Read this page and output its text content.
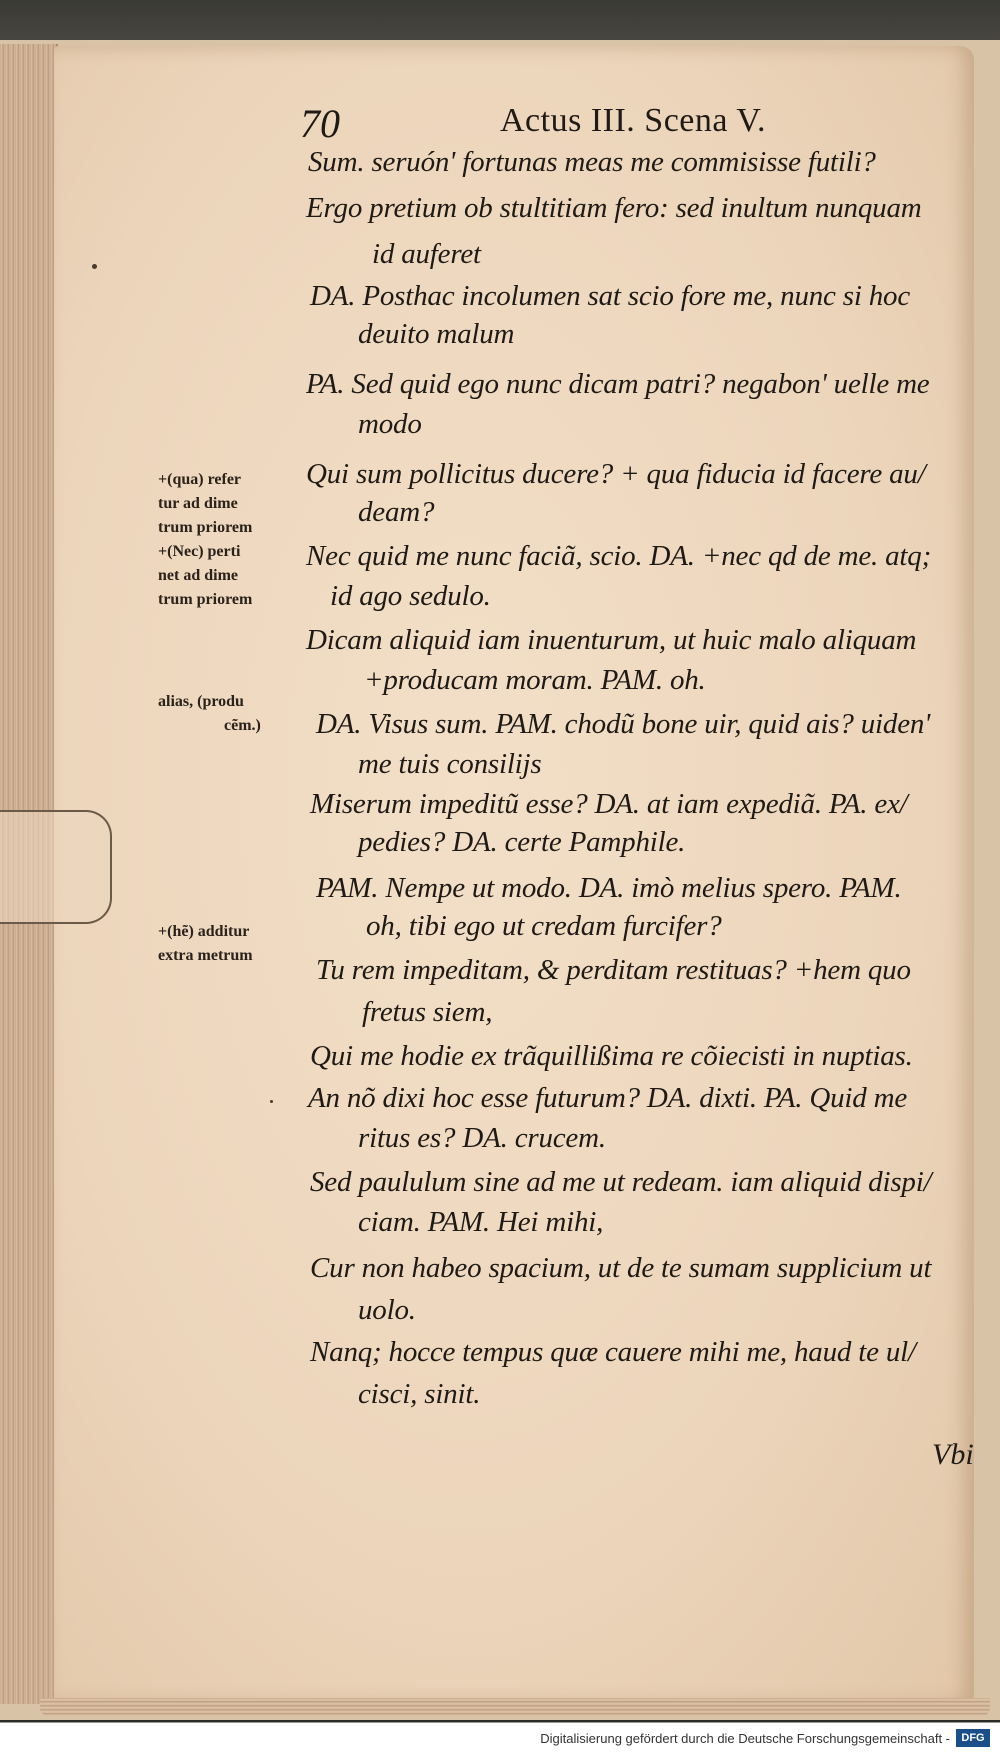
70	Actus III. Scena V.
Sum. seruón' fortunas meas me commisisse futili?
Ergo pretium ob stultitiam fero: sed inultum nunquam
id auferet
DA. Posthac incolumen sat scio fore me, nunc si hoc
deuito malum
PA. Sed quid ego nunc dicam patri? negabon' uelle me
modo
Qui sum pollicitus ducere? + qua fiducia id facere au/
deam?
Nec quid me nunc faciã, scio. DA. +nec qd de me. atq;
id ago sedulo.
Dicam aliquid iam inuenturum, ut huic malo aliquam
+producam moram. PAM. oh.
DA. Visus sum. PAM. chodũ bone uir, quid ais? uiden'
me tuis consilijs
Miserum impeditũ esse? DA. at iam expediã. PA. ex/
pedies? DA. certe Pamphile.
PAM. Nempe ut modo. DA. imò melius spero. PAM.
oh, tibi ego ut credam furcifer?
Tu rem impeditam, & perditam restituas? +hem quo
fretus siem,
Qui me hodie ex trãquillißima re cõiecisti in nuptias.
An nõ dixi hoc esse futurum? DA. dixti. PA. Quid me
ritus es? DA. crucem.
Sed paululum sine ad me ut redeam. iam aliquid dispi/
ciam. PAM. Hei mihi,
Cur non habeo spacium, ut de te sumam supplicium ut
uolo.
Nanq; hocce tempus quæ cauere mihi me, haud te ul/
cisci, sinit.
+(qua) refer
tur ad dime
trum priorem
+(Nec) perti
net ad dime
trum priorem
alias, (produ
cẽm.)
+(hẽ) additur
extra metrum
Vbi
Digitalisierung gefördert durch die Deutsche Forschungsgemeinschaft -	DFG
